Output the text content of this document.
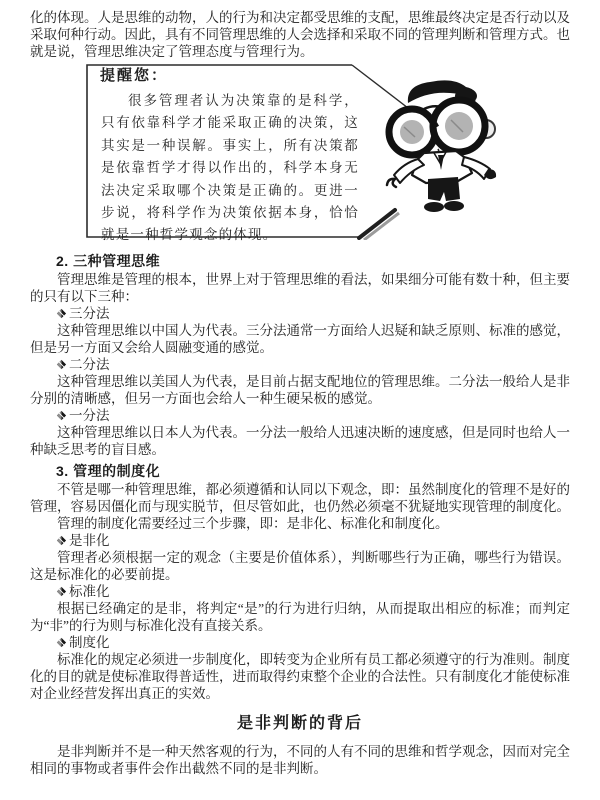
化的体现。人是思维的动物，人的行为和决定都受思维的支配，思维最终决定是否行动以及采取何种行动。因此，具有不同管理思维的人会选择和采取不同的管理判断和管理方式。也就是说，管理思维决定了管理态度与管理行为。

提醒您：
很多管理者认为决策靠的是科学，只有依靠科学才能采取正确的决策，这其实是一种误解。事实上，所有决策都是依靠哲学才得以作出的，科学本身无法决定采取哪个决策是正确的。更进一步说，将科学作为决策依据本身，恰恰就是一种哲学观念的体现。
2. 三种管理思维

管理思维是管理的根本，世界上对于管理思维的看法，如果细分可能有数十种，但主要的只有以下三种：

三分法

这种管理思维以中国人为代表。三分法通常一方面给人迟疑和缺乏原则、标准的感觉，但是另一方面又会给人圆融变通的感觉。

二分法

这种管理思维以美国人为代表，是目前占据支配地位的管理思维。二分法一般给人是非分别的清晰感，但另一方面也会给人一种生硬呆板的感觉。

一分法

这种管理思维以日本人为代表。一分法一般给人迅速决断的速度感，但是同时也给人一种缺乏思考的盲目感。

3. 管理的制度化

不管是哪一种管理思维，都必须遵循和认同以下观念，即：虽然制度化的管理不是好的管理，容易因僵化而与现实脱节，但尽管如此，也仍然必须毫不犹疑地实现管理的制度化。

管理的制度化需要经过三个步骤，即：是非化、标准化和制度化。

是非化

管理者必须根据一定的观念（主要是价值体系），判断哪些行为正确，哪些行为错误。这是标准化的必要前提。

标准化

根据已经确定的是非，将判定“是”的行为进行归纳，从而提取出相应的标准；而判定为“非”的行为则与标准化没有直接关系。

制度化

标准化的规定必须进一步制度化，即转变为企业所有员工都必须遵守的行为准则。制度化的目的就是使标准取得普适性，进而取得约束整个企业的合法性。只有制度化才能使标准对企业经营发挥出真正的实效。

是非判断的背后

是非判断并不是一种天然客观的行为，不同的人有不同的思维和哲学观念，因而对完全相同的事物或者事件会作出截然不同的是非判断。
